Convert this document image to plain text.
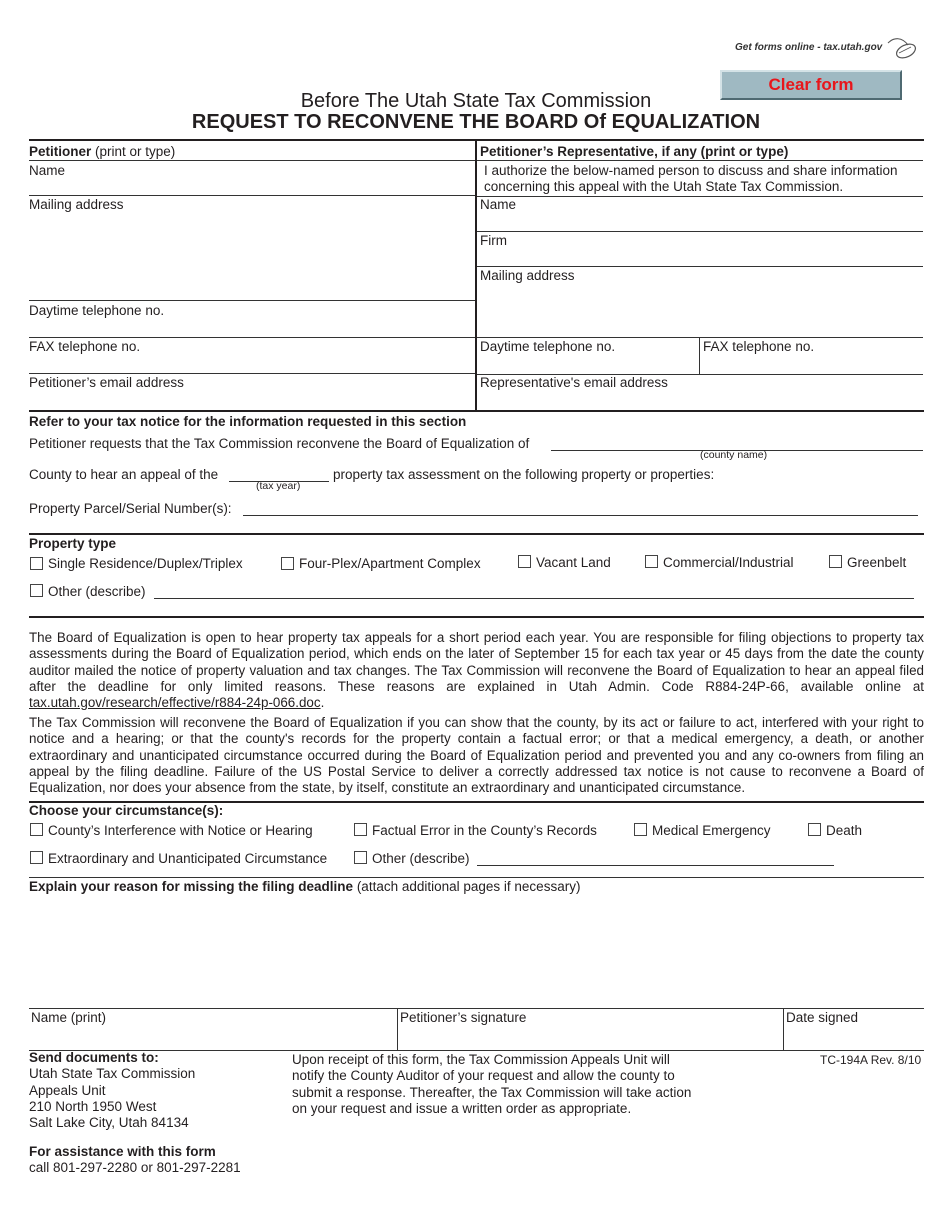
Get forms online - tax.utah.gov
Clear form
Before The Utah State Tax Commission
REQUEST TO RECONVENE THE BOARD Of EQUALIZATION
Petitioner (print or type)
Name
Mailing address
Daytime telephone no.
FAX telephone no.
Petitioner’s email address
Petitioner’s Representative, if any (print or type)
I authorize the below-named person to discuss and share information
concerning this appeal with the Utah State Tax Commission.
Name
Firm
Mailing address
Daytime telephone no.	FAX telephone no.
Representative's email address
Refer to your tax notice for the information requested in this section
Petitioner requests that the Tax Commission reconvene the Board of Equalization of
(county name)
County to hear an appeal of the
(tax year)
property tax assessment on the following property or properties:
Property Parcel/Serial Number(s):
Property type
Single Residence/Duplex/Triplex	Four-Plex/Apartment Complex	Vacant Land	Commercial/Industrial	Greenbelt
Other (describe)
The Board of Equalization is open to hear property tax appeals for a short period each year. You are responsible for filing objections to property tax assessments during the Board of Equalization period, which ends on the later of September 15 for each tax year or 45 days from the date the county auditor mailed the notice of property valuation and tax changes. The Tax Commission will reconvene the Board of Equalization to hear an appeal filed after the deadline for only limited reasons. These reasons are explained in Utah Admin. Code R884-24P-66, available online at tax.utah.gov/research/effective/r884-24p-066.doc.
The Tax Commission will reconvene the Board of Equalization if you can show that the county, by its act or failure to act, interfered with your right to notice and a hearing; or that the county's records for the property contain a factual error; or that a medical emergency, a death, or another extraordinary and unanticipated circumstance occurred during the Board of Equalization period and prevented you and any co-owners from filing an appeal by the filing deadline. Failure of the US Postal Service to deliver a correctly addressed tax notice is not cause to reconvene a Board of Equalization, nor does your absence from the state, by itself, constitute an extraordinary and unanticipated circumstance.
Choose your circumstance(s):
County’s Interference with Notice or Hearing	Factual Error in the County’s Records	Medical Emergency	Death
Extraordinary and Unanticipated Circumstance	Other (describe)
Explain your reason for missing the filing deadline (attach additional pages if necessary)
Name (print)	Petitioner’s signature	Date signed
Send documents to:
Utah State Tax Commission
Appeals Unit
210 North 1950 West
Salt Lake City, Utah 84134
Upon receipt of this form, the Tax Commission Appeals Unit will
notify the County Auditor of your request and allow the county to
submit a response. Thereafter, the Tax Commission will take action
on your request and issue a written order as appropriate.
TC-194A Rev. 8/10
For assistance with this form
call 801-297-2280 or 801-297-2281
